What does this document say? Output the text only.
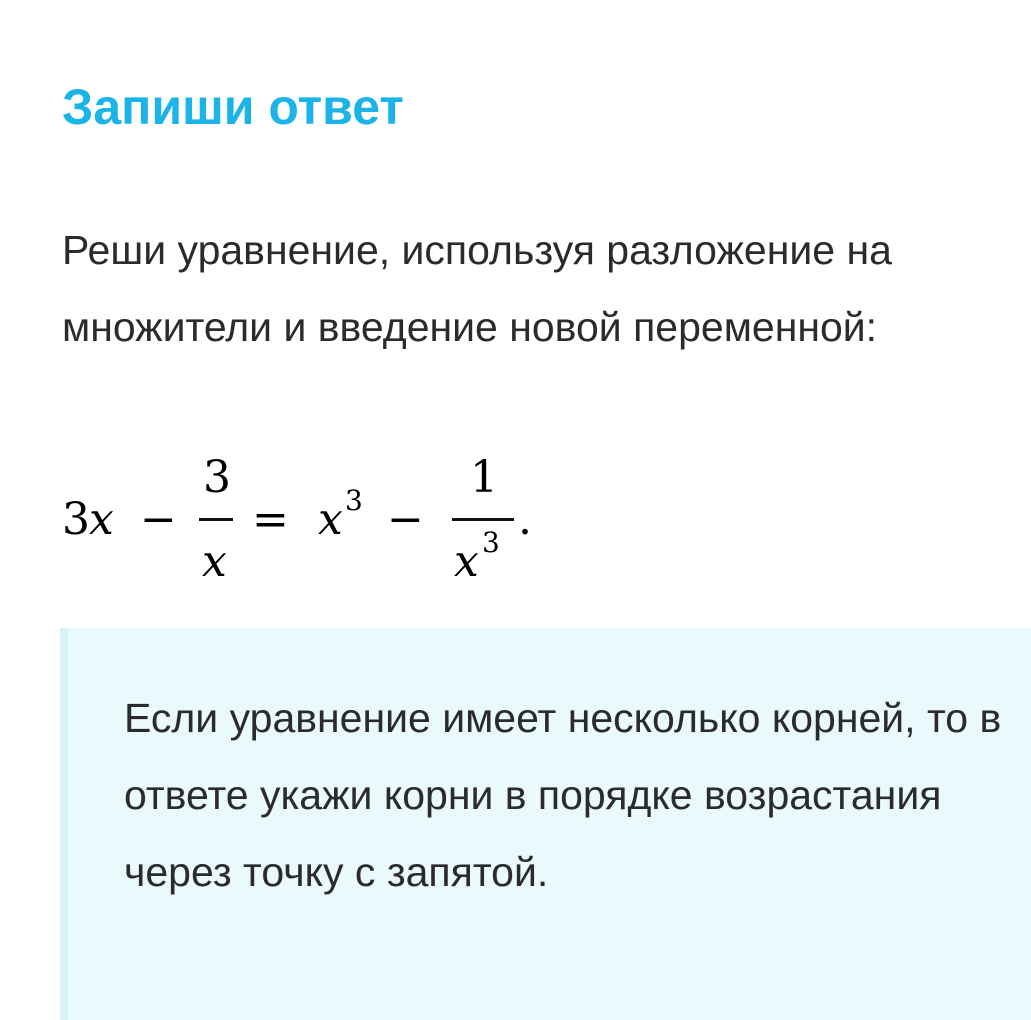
Запиши ответ

Реши уравнение, используя разложение на множители и введение новой переменной:

3 x −
3
x
= x 3 −
1
x 3 .

Если уравнение имеет несколько корней, то в ответе укажи корни в порядке возрастания через точку с запятой.
